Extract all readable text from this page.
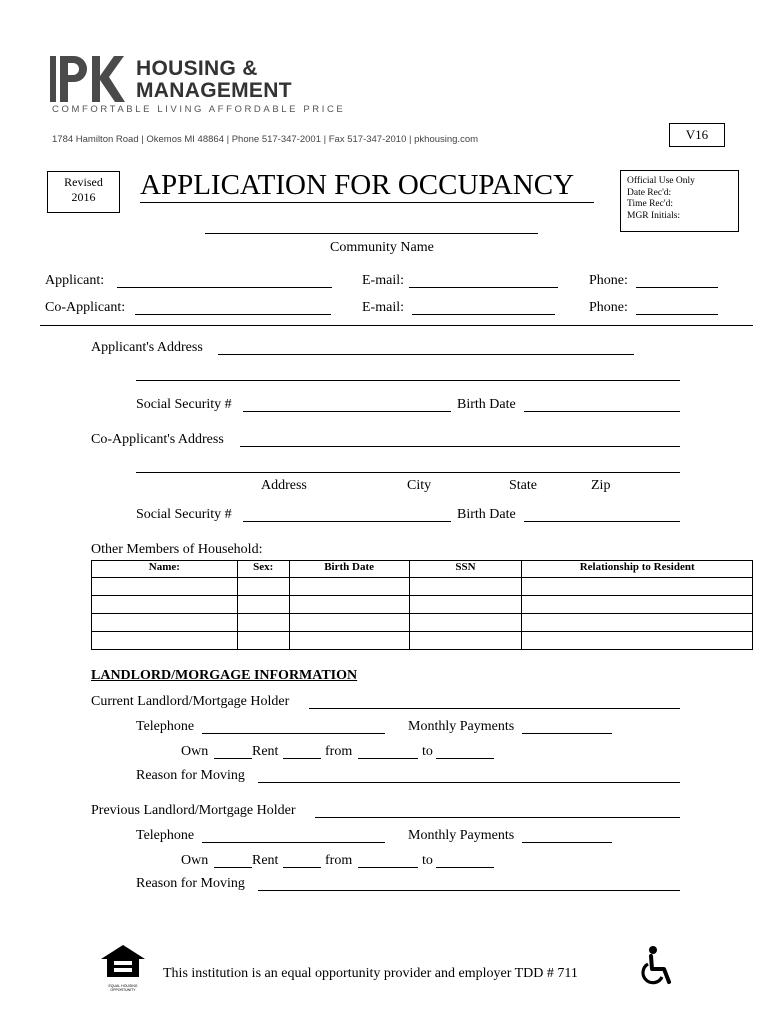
HOUSING &
MANAGEMENT
COMFORTABLE LIVING AFFORDABLE PRICE
1784 Hamilton Road | Okemos MI 48864 | Phone 517-347-2001 | Fax 517-347-2010 | pkhousing.com	V16
Revised
2016	APPLICATION FOR OCCUPANCY	Official Use Only
Date Rec'd:
Time Rec'd:
MGR Initials:
Community Name
Applicant:	E-mail:	Phone:
Co-Applicant:	E-mail:	Phone:
Applicant's Address
Social Security #	Birth Date
Co-Applicant's Address
Address	City	State	Zip
Social Security #	Birth Date
Other Members of Household:
Name:	Sex:	Birth Date	SSN	Relationship to Resident

LANDLORD/MORGAGE INFORMATION
Current Landlord/Mortgage Holder
Telephone	Monthly Payments
Own	Rent	from	to
Reason for Moving
Previous Landlord/Mortgage Holder
Telephone	Monthly Payments
Own	Rent	from	to
Reason for Moving
EQUAL HOUSING OPPORTUNITY
This institution is an equal opportunity provider and employer TDD # 711
